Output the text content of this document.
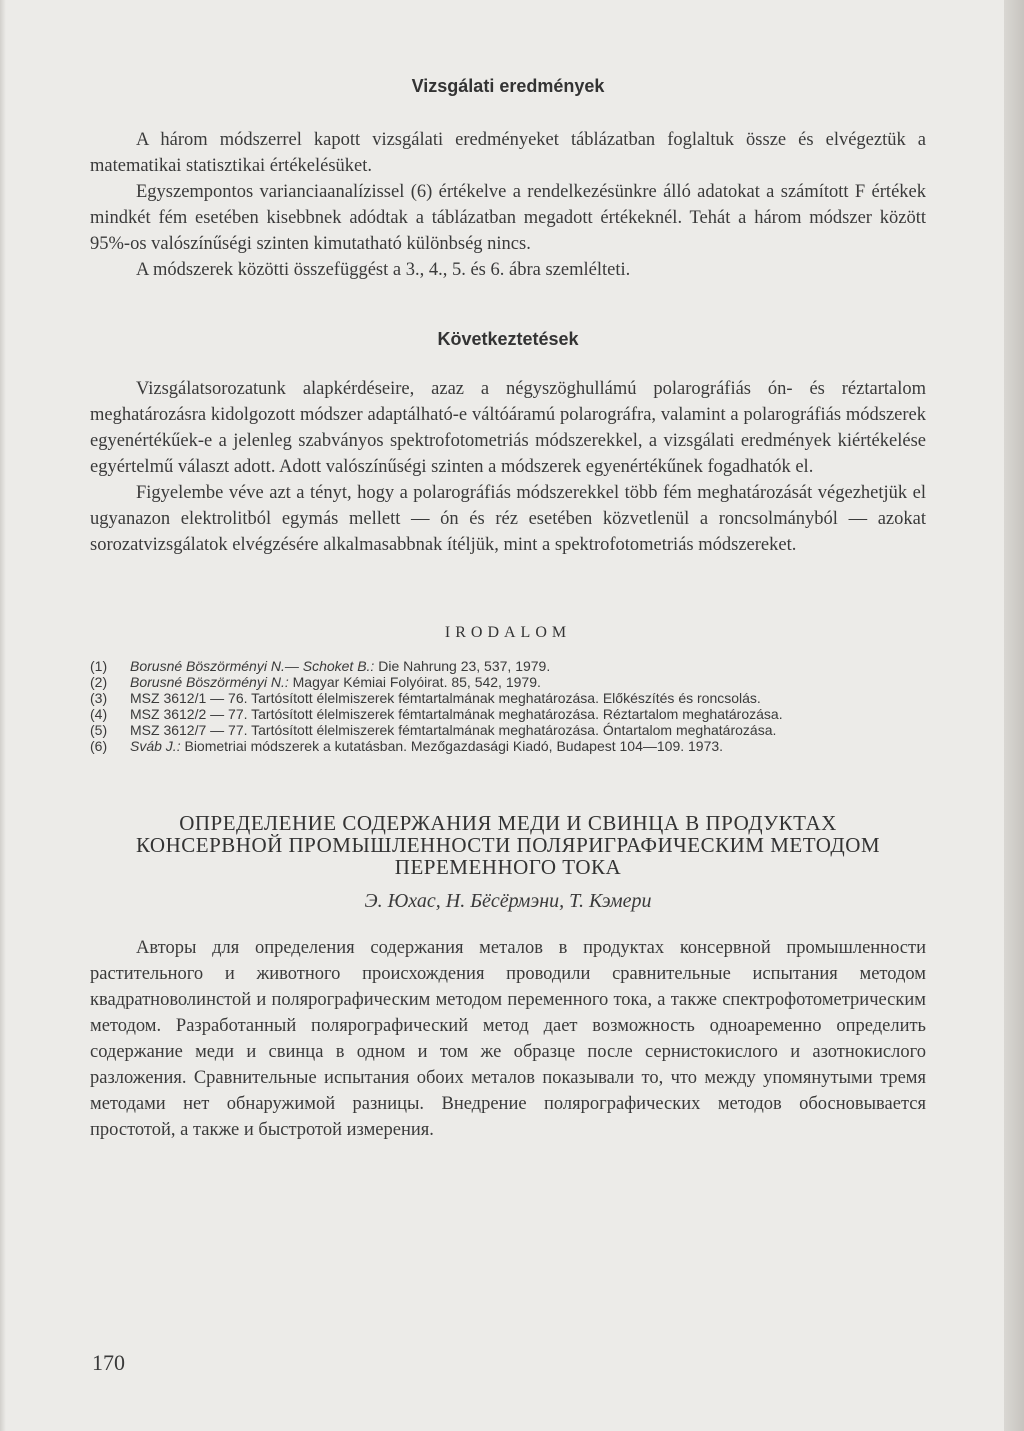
Vizsgálati eredmények

A három módszerrel kapott vizsgálati eredményeket táblázatban foglaltuk össze és elvégeztük a matematikai statisztikai értékelésüket.

Egyszempontos varianciaanalízissel (6) értékelve a rendelkezésünkre álló adatokat a számított F értékek mindkét fém esetében kisebbnek adódtak a táblázatban megadott értékeknél. Tehát a három módszer között 95%-os valószínűségi szinten kimutatható különbség nincs.

A módszerek közötti összefüggést a 3., 4., 5. és 6. ábra szemlélteti.

Következtetések

Vizsgálatsorozatunk alapkérdéseire, azaz a négyszöghullámú polarográfiás ón- és réztartalom meghatározásra kidolgozott módszer adaptálható-e váltóáramú polarográfra, valamint a polarográfiás módszerek egyenértékűek-e a jelenleg szabványos spektrofotometriás módszerekkel, a vizsgálati eredmények kiértékelése egyértelmű választ adott. Adott valószínűségi szinten a módszerek egyenértékűnek fogadhatók el.

Figyelembe véve azt a tényt, hogy a polarográfiás módszerekkel több fém meghatározását végezhetjük el ugyanazon elektrolitból egymás mellett — ón és réz esetében közvetlenül a roncsolmányból — azokat sorozatvizsgálatok elvégzésére alkalmasabbnak ítéljük, mint a spektrofotometriás módszereket.

IRODALOM

(1) Borusné Böszörményi N.— Schoket B.: Die Nahrung 23, 537, 1979.
(2) Borusné Böszörményi N.: Magyar Kémiai Folyóirat. 85, 542, 1979.
(3) MSZ 3612/1 — 76. Tartósított élelmiszerek fémtartalmának meghatározása. Előkészítés és roncsolás.
(4) MSZ 3612/2 — 77. Tartósított élelmiszerek fémtartalmának meghatározása. Réztartalom meghatározása.
(5) MSZ 3612/7 — 77. Tartósított élelmiszerek fémtartalmának meghatározása. Óntartalom meghatározása.
(6) Sváb J.: Biometriai módszerek a kutatásban. Mezőgazdasági Kiadó, Budapest 104—109. 1973.

ОПРЕДЕЛЕНИЕ СОДЕРЖАНИЯ МЕДИ И СВИНЦА В ПРОДУКТАХ КОНСЕРВНОЙ ПРОМЫШЛЕННОСТИ ПОЛЯРИГРАФИЧЕСКИМ МЕТОДОМ ПЕРЕМЕННОГО ТОКА

Э. Юхас, Н. Бёсёрмэни, Т. Кэмери

Авторы для определения содержания металов в продуктах консервной промышленности растительного и животного происхождения проводили сравнительные испытания методом квадратноволинстой и полярографическим методом переменного тока, а также спектрофотометрическим методом. Разработанный полярографический метод дает возможность одноаременно определить содержание меди и свинца в одном и том же образце после сернистокислого и азотнокислого разложения. Сравнительные испытания обоих металов показывали то, что между упомянутыми тремя методами нет обнаружимой разницы. Внедрение полярографических методов обосновывается простотой, а также и быстротой измерения.

170
